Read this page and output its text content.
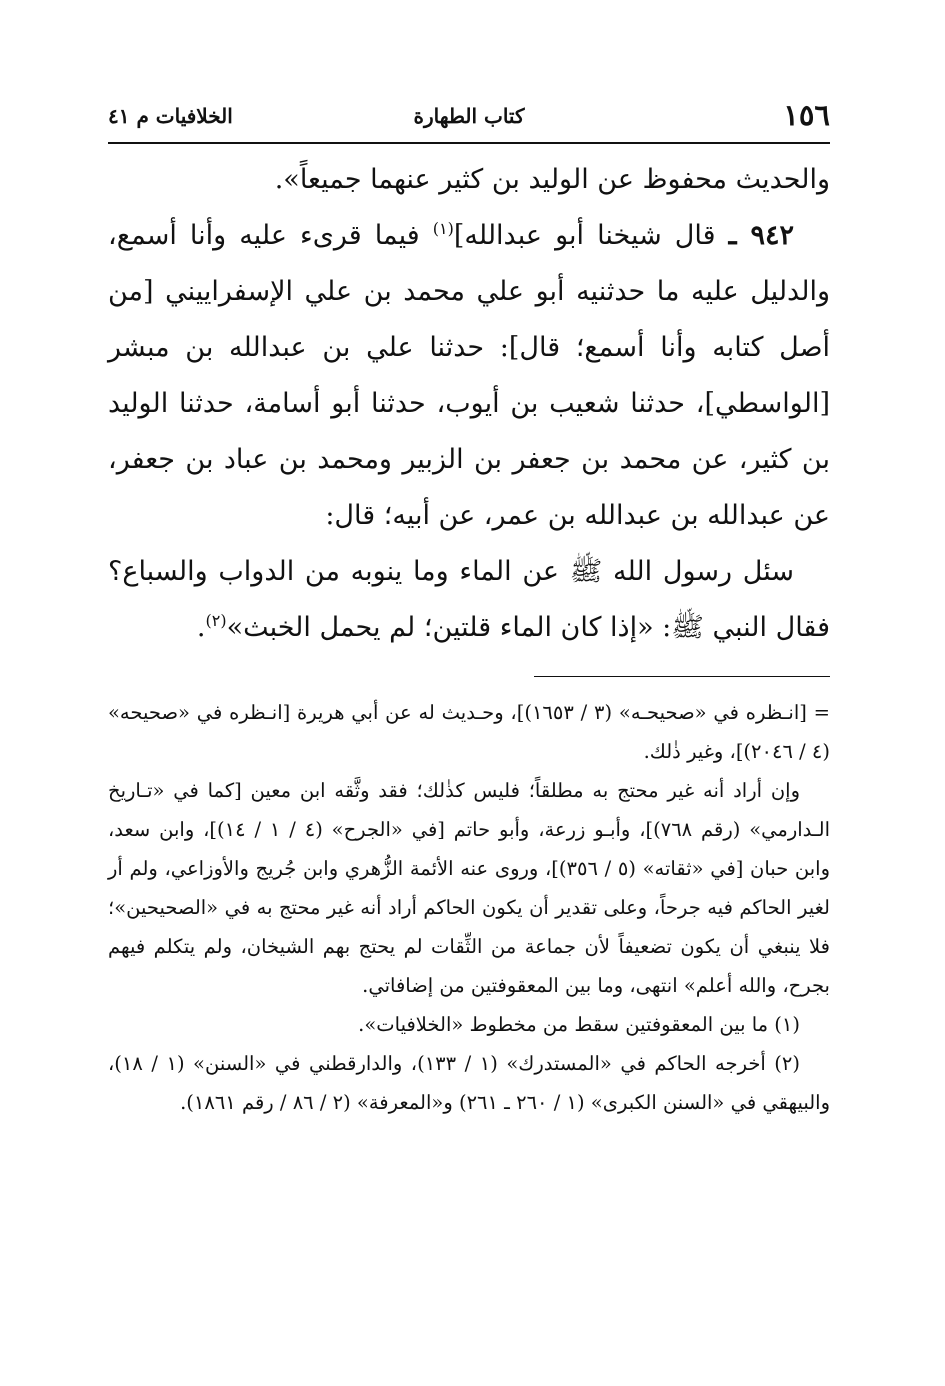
١٥٦
كتاب الطهارة
الخلافيات م ٤١

والحديث محفوظ عن الوليد بن كثير عنهما جميعاً».

٩٤٢ ـ قال شيخنا أبو عبدالله]$^{(١)}$ فيما قرىء عليه وأنا أسمع، والدليل عليه ما حدثنيه أبو علي محمد بن علي الإسفراييني [من أصل كتابه وأنا أسمع؛ قال]: حدثنا علي بن عبدالله بن مبشر [الواسطي]، حدثنا شعيب بن أيوب، حدثنا أبو أسامة، حدثنا الوليد بن كثير، عن محمد بن جعفر بن الزبير ومحمد بن عباد بن جعفر، عن عبدالله بن عبدالله بن عمر، عن أبيه؛ قال:

سئل رسول الله ﷺ عن الماء وما ينوبه من الدواب والسباع؟ فقال النبي ﷺ: «إذا كان الماء قلتين؛ لم يحمل الخبث»$^{(٢)}$.

= [انـظره في «صحيحـه» (٣ / ١٦٥٣)]، وحـديث له عن أبي هريرة [انـظره في «صحيحه» (٤ / ٢٠٤٦)]، وغير ذٰلك.

وإن أراد أنه غير محتج به مطلقاً؛ فليس كذٰلك؛ فقد وثَّقه ابن معين [كما في «تـاريخ الـدارمي» (رقم ٧٦٨)]، وأبـو زرعة، وأبو حاتم [في «الجرح» (٤ / ١ / ١٤)]، وابن سعد، وابن حبان [في «ثقاته» (٥ / ٣٥٦)]، وروى عنه الأئمة الزُّهري وابن جُريج والأوزاعي، ولم أر لغير الحاكم فيه جرحاً، وعلى تقدير أن يكون الحاكم أراد أنه غير محتج به في «الصحيحين»؛ فلا ينبغي أن يكون تضعيفاً لأن جماعة من الثِّقات لم يحتج بهم الشيخان، ولم يتكلم فيهم بجرح، والله أعلم» انتهى، وما بين المعقوفتين من إضافاتي.

(١) ما بين المعقوفتين سقط من مخطوط «الخلافيات».

(٢) أخرجه الحاكم في «المستدرك» (١ / ١٣٣)، والدارقطني في «السنن» (١ / ١٨)، والبيهقي في «السنن الكبرى» (١ / ٢٦٠ ـ ٢٦١) و«المعرفة» (٢ / ٨٦ / رقم ١٨٦١).
